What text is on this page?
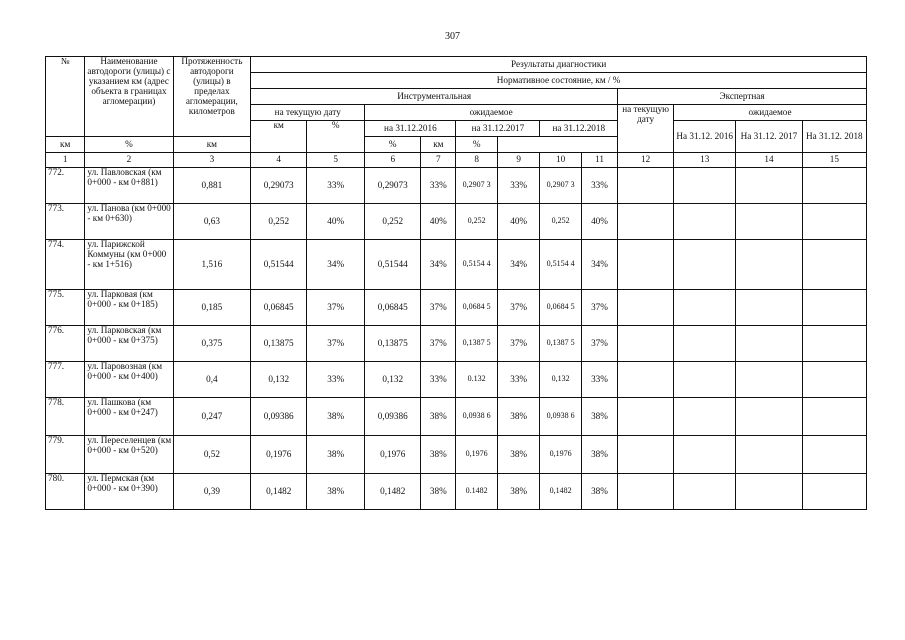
307
№	Наименование автодороги (улицы) с указанием км (адрес объекта в границах агломерации)	Протяженность автодороги (улицы) в пределах агломерации, километров	Результаты диагностики											
			Нормативное состояние, км / %											
			Инструментальная								Экспертная			
			на текущую дату		ожидаемое						на текущую дату	ожидаемое		
			км	%	на 31.12.2016		на 31.12.2017		на 31.12.2018			На 31.12. 2016	На 31.12. 2017	На 31.12. 2018
км	%	км			%	км	%							
1	2	3	4	5	6	7	8	9	10	11	12	13	14	15
772.	ул. Павловская (км 0+000 - км 0+881)	0,881	0,29073	33%	0,29073	33%	0,2907 3	33%	0,2907 3	33%				
773.	ул. Панова (км 0+000 - км 0+630)	0,63	0,252	40%	0,252	40%	0,252	40%	0,252	40%				
774.	ул. Парижской Коммуны (км 0+000 - км 1+516)	1,516	0,51544	34%	0,51544	34%	0,5154 4	34%	0,5154 4	34%				
775.	ул. Парковая (км 0+000 - км 0+185)	0,185	0,06845	37%	0,06845	37%	0,0684 5	37%	0,0684 5	37%				
776.	ул. Парковская (км 0+000 - км 0+375)	0,375	0,13875	37%	0,13875	37%	0,1387 5	37%	0,1387 5	37%				
777.	ул. Паровозная (км 0+000 - км 0+400)	0,4	0,132	33%	0,132	33%	0.132	33%	0,132	33%				
778.	ул. Пашкова (км 0+000 - км 0+247)	0,247	0,09386	38%	0,09386	38%	0,0938 6	38%	0,0938 6	38%				
779.	ул. Переселенцев (км 0+000 - км 0+520)	0,52	0,1976	38%	0,1976	38%	0,1976	38%	0,1976	38%				
780.	ул. Пермская (км 0+000 - км 0+390)	0,39	0,1482	38%	0,1482	38%	0.1482	38%	0,1482	38%				
